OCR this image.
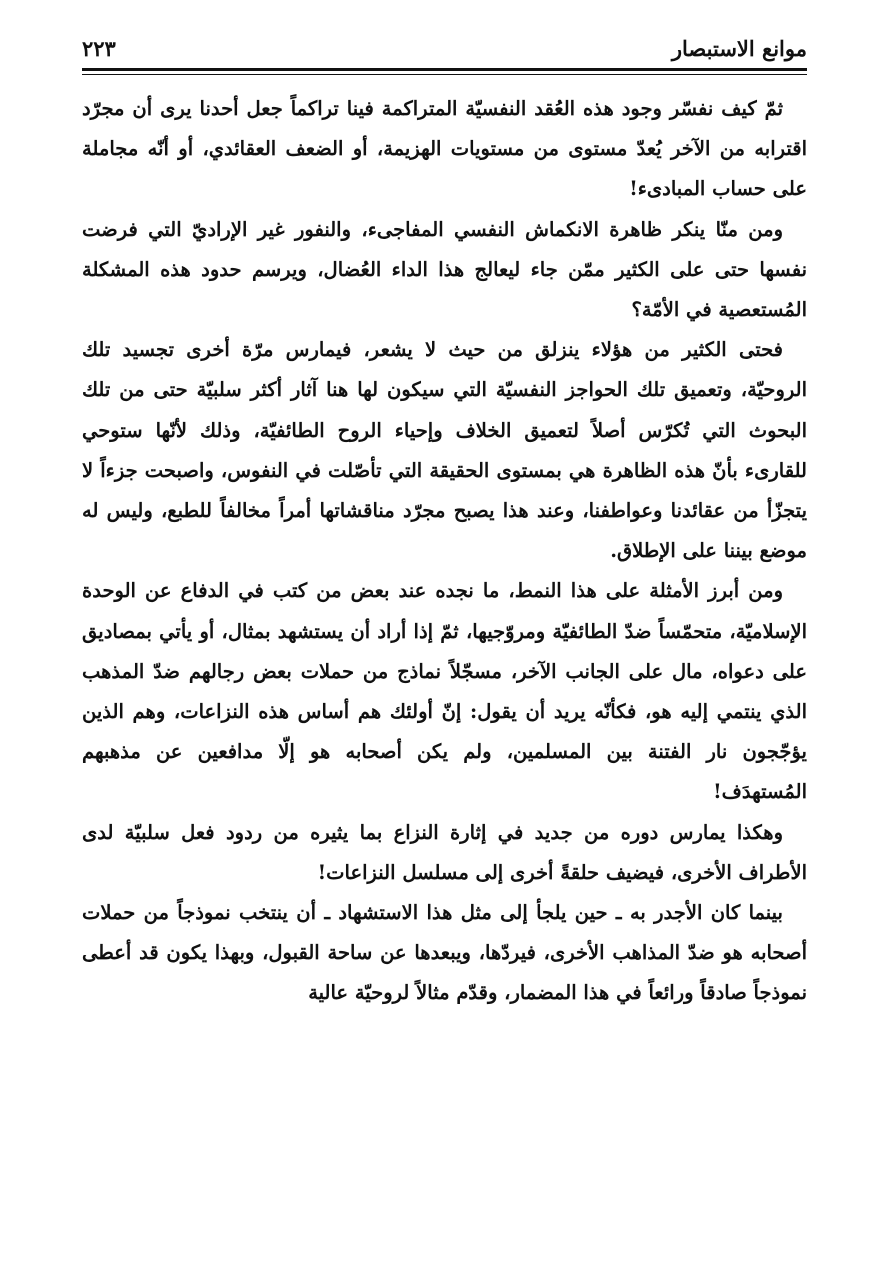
موانع الاستبصار
٢٢٣

ثمّ كيف نفسّر وجود هذه العُقد النفسيّة المتراكمة فينا تراكماً جعل أحدنا يرى أن مجرّد اقترابه من الآخر يُعدّ مستوى من مستويات الهزيمة، أو الضعف العقائدي، أو أنّه مجاملة على حساب المبادىء!

ومن منّا ينكر ظاهرة الانكماش النفسي المفاجىء، والنفور غير الإراديّ التي فرضت نفسها حتى على الكثير ممّن جاء ليعالج هذا الداء العُضال، ويرسم حدود هذه المشكلة المُستعصية في الأمّة؟

فحتى الكثير من هؤلاء ينزلق من حيث لا يشعر، فيمارس مرّة أخرى تجسيد تلك الروحيّة، وتعميق تلك الحواجز النفسيّة التي سيكون لها هنا آثار أكثر سلبيّة حتى من تلك البحوث التي تُكرّس أصلاً لتعميق الخلاف وإحياء الروح الطائفيّة، وذلك لأنّها ستوحي للقارىء بأنّ هذه الظاهرة هي بمستوى الحقيقة التي تأصّلت في النفوس، واصبحت جزءاً لا يتجزّأ من عقائدنا وعواطفنا، وعند هذا يصبح مجرّد مناقشاتها أمراً مخالفاً للطبع، وليس له موضع بيننا على الإطلاق.

ومن أبرز الأمثلة على هذا النمط، ما نجده عند بعض من كتب في الدفاع عن الوحدة الإسلاميّة، متحمّساً ضدّ الطائفيّة ومروّجيها، ثمّ إذا أراد أن يستشهد بمثال، أو يأتي بمصاديق على دعواه، مال على الجانب الآخر، مسجّلاً نماذج من حملات بعض رجالهم ضدّ المذهب الذي ينتمي إليه هو، فكأنّه يريد أن يقول: إنّ أولئك هم أساس هذه النزاعات، وهم الذين يؤجّجون نار الفتنة بين المسلمين، ولم يكن أصحابه هو إلّا مدافعين عن مذهبهم المُستهدَف!

وهكذا يمارس دوره من جديد في إثارة النزاع بما يثيره من ردود فعل سلبيّة لدى الأطراف الأخرى، فيضيف حلقةً أخرى إلى مسلسل النزاعات!

بينما كان الأجدر به ـ حين يلجأ إلى مثل هذا الاستشهاد ـ أن ينتخب نموذجاً من حملات أصحابه هو ضدّ المذاهب الأخرى، فيردّها، ويبعدها عن ساحة القبول، وبهذا يكون قد أعطى نموذجاً صادقاً ورائعاً في هذا المضمار، وقدّم مثالاً لروحيّة عالية
